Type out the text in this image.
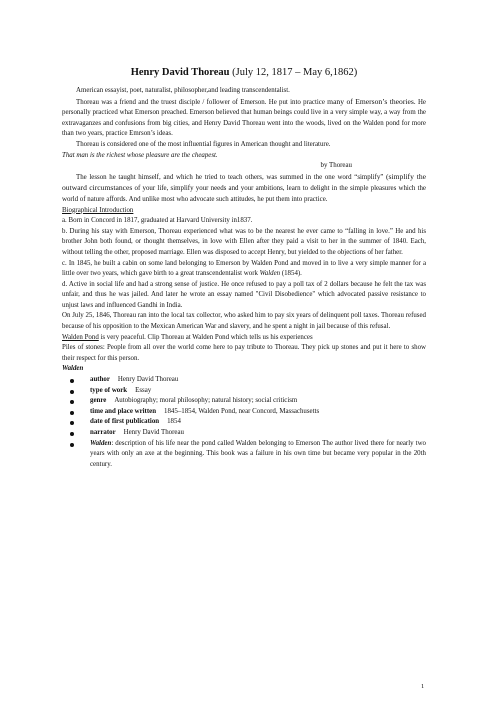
Henry David Thoreau (July 12, 1817 – May 6,1862)

American essayist, poet, naturalist, philosopher,and leading transcendentalist.

Thoreau was a friend and the truest disciple / follower of Emerson. He put into practice many of Emerson’s theories. He personally practiced what Emerson preached. Emerson believed that human beings could live in a very simple way, a way from the extravaganzes and confusions from big cities, and Henry David Thoreau went into the woods, lived on the Walden pond for more than two years, practice Emrson’s ideas.

Thoreau is considered one of the most influential figures in American thought and literature.

That man is the richest whose pleasure are the cheapest.

by Thoreau

The lesson he taught himself, and which he tried to teach others, was summed in the one word “simplify” (simplify the outward circumstances of your life, simplify your needs and your ambitions, learn to delight in the simple pleasures which the world of nature affords. And unlike most who advocate such attitudes, he put them into practice.

Biographical Introduction

a. Born in Concord in 1817, graduated at Harvard University in1837.

b. During his stay with Emerson, Thoreau experienced what was to be the nearest he ever came to “falling in love.” He and his brother John both found, or thought themselves, in love with Ellen after they paid a visit to her in the summer of 1840. Each, without telling the other, proposed marriage. Ellen was disposed to accept Henry, but yielded to the objections of her father.

c. In 1845, he built a cabin on some land belonging to Emerson by Walden Pond and moved in to live a very simple manner for a little over two years, which gave birth to a great transcendentalist work Walden (1854).

d. Active in social life and had a strong sense of justice. He once refused to pay a poll tax of 2 dollars because he felt the tax was unfair, and thus he was jailed. And later he wrote an essay named "Civil Disobedience" which advocated passive resistance to unjust laws and influenced Gandhi in India.

On July 25, 1846, Thoreau ran into the local tax collector, who asked him to pay six years of delinquent poll taxes. Thoreau refused because of his opposition to the Mexican American War and slavery, and he spent a night in jail because of this refusal.

Walden Pond is very peaceful. Clip Thoreau at Walden Pond which tells us his experiences

Piles of stones: People from all over the world come here to pay tribute to Thoreau. They pick up stones and put it here to show their respect for this person.

Walden

author Henry David Thoreau
type of work Essay
genre Autobiography; moral philosophy; natural history; social criticism
time and place written 1845–1854, Walden Pond, near Concord, Massachusetts
date of first publication 1854
narrator Henry David Thoreau
Walden: description of his life near the pond called Walden belonging to Emerson The author lived there for nearly two years with only an axe at the beginning. This book was a failure in his own time but became very popular in the 20th century.
1
